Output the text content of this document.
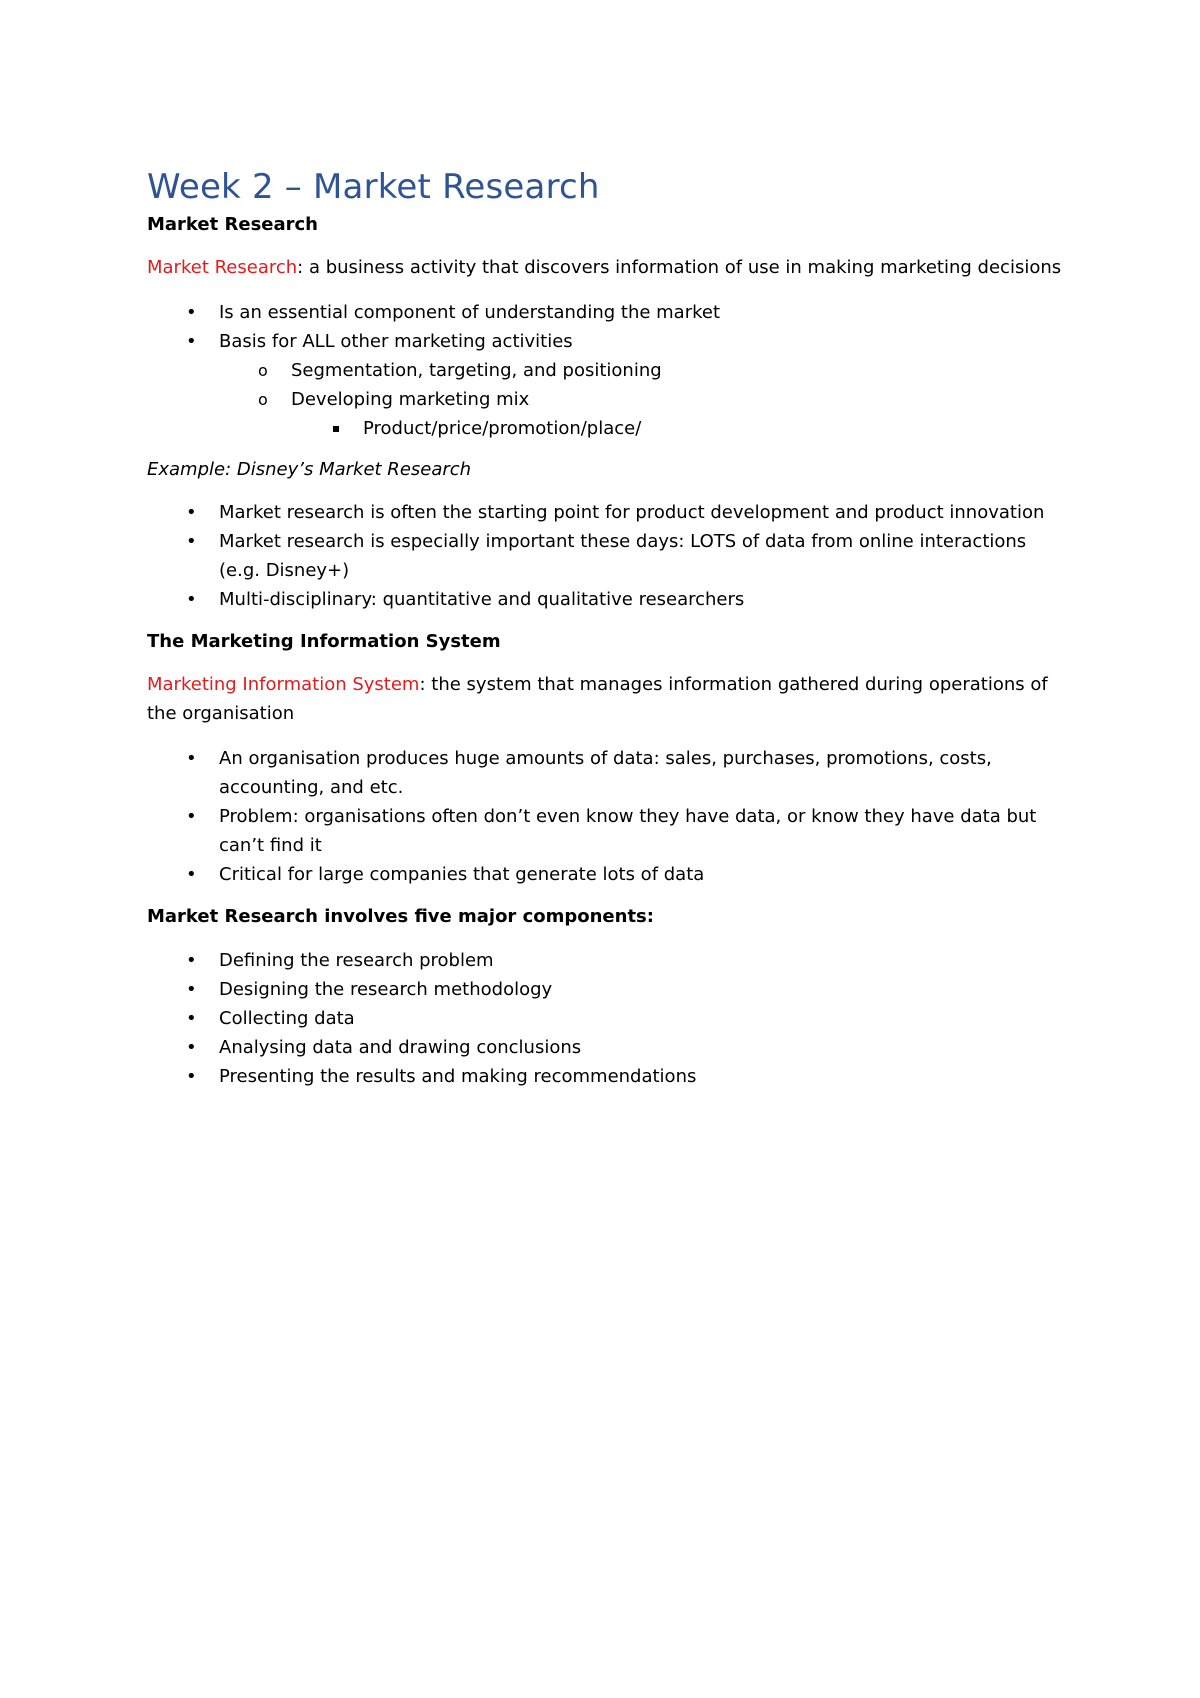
Week 2 – Market Research

Market Research

Market Research: a business activity that discovers information of use in making marketing decisions

•
Is an essential component of understanding the market
•
Basis for ALL other marketing activities
o	Segmentation, targeting, and positioning
o	Developing marketing mix
Product/price/promotion/place/

Example: Disney’s Market Research

•
Market research is often the starting point for product development and product innovation
•
Market research is especially important these days: LOTS of data from online interactions (e.g. Disney+)
•
Multi-disciplinary: quantitative and qualitative researchers

The Marketing Information System

Marketing Information System: the system that manages information gathered during operations of the organisation

•
An organisation produces huge amounts of data: sales, purchases, promotions, costs, accounting, and etc.
•
Problem: organisations often don’t even know they have data, or know they have data but can’t find it
•
Critical for large companies that generate lots of data

Market Research involves five major components:

•
Defining the research problem
•
Designing the research methodology
•
Collecting data
•
Analysing data and drawing conclusions
•
Presenting the results and making recommendations
